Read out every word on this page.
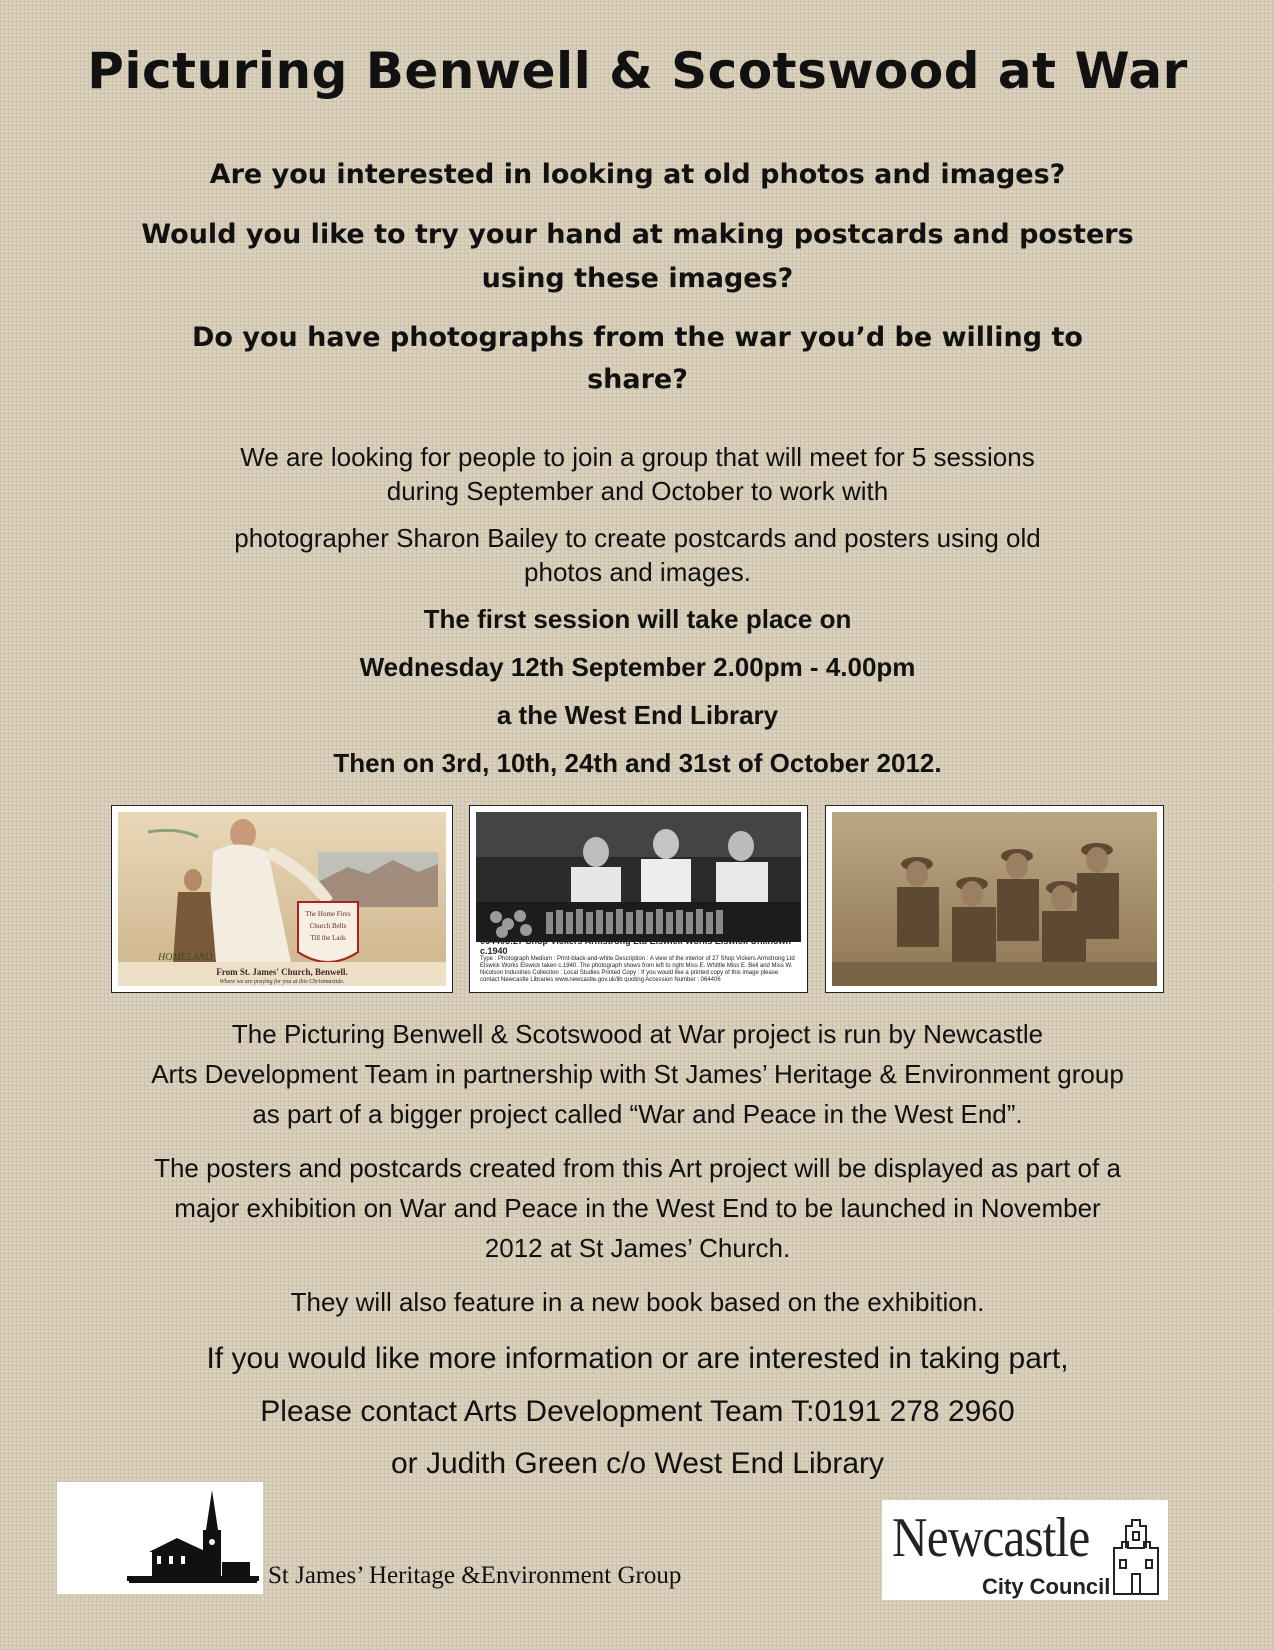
Picturing Benwell & Scotswood at War
Are you interested in looking at old photos and images?
Would you like to try your hand at making postcards and posters
using these images?
Do you have photographs from the war you’d be willing to
share?
We are looking for people to join a group that will meet for 5 sessions
during September and October to work with
photographer Sharon Bailey to create postcards and posters using old
photos and images.
The first session will take place on
Wednesday 12th September 2.00pm - 4.00pm
a the West End Library
Then on 3rd, 10th, 24th and 31st of October 2012.
The Home Fires
Church Bells
Till the Lads
HOMELAND
From St. James' Church, Benwell.
Where we are praying for you at this Christmastide.
064406:27 Shop Vickers Armstrong Ltd Elswick Works Elswick Unknown c.1940
Type : Photograph Medium : Print-black-and-white Description : A view of the interior of 27 Shop Vickers Armstrong Ltd Elswick Works Elswick taken c.1940. The photograph shows from left to right Miss E. Whittle Miss E. Bell and Miss W. Nicolson Industries Collection : Local Studies Printed Copy : If you would like a printed copy of this image please contact Newcastle Libraries www.newcastle.gov.uk/lib quoting Accession Number : 064406
The Picturing Benwell & Scotswood at War project is run by Newcastle
Arts Development Team in partnership with St James’ Heritage & Environment group
as part of a bigger project called “War and Peace in the West End”.
The posters and postcards created from this Art project will be displayed as part of a
major exhibition on War and Peace in the West End to be launched in November
2012 at St James’ Church.
They will also feature in a new book based on the exhibition.
If you would like more information or are interested in taking part,
Please contact Arts Development Team T:0191 278 2960
or Judith Green c/o West End Library
St James’ Heritage &Environment Group
Newcastle
City Council
